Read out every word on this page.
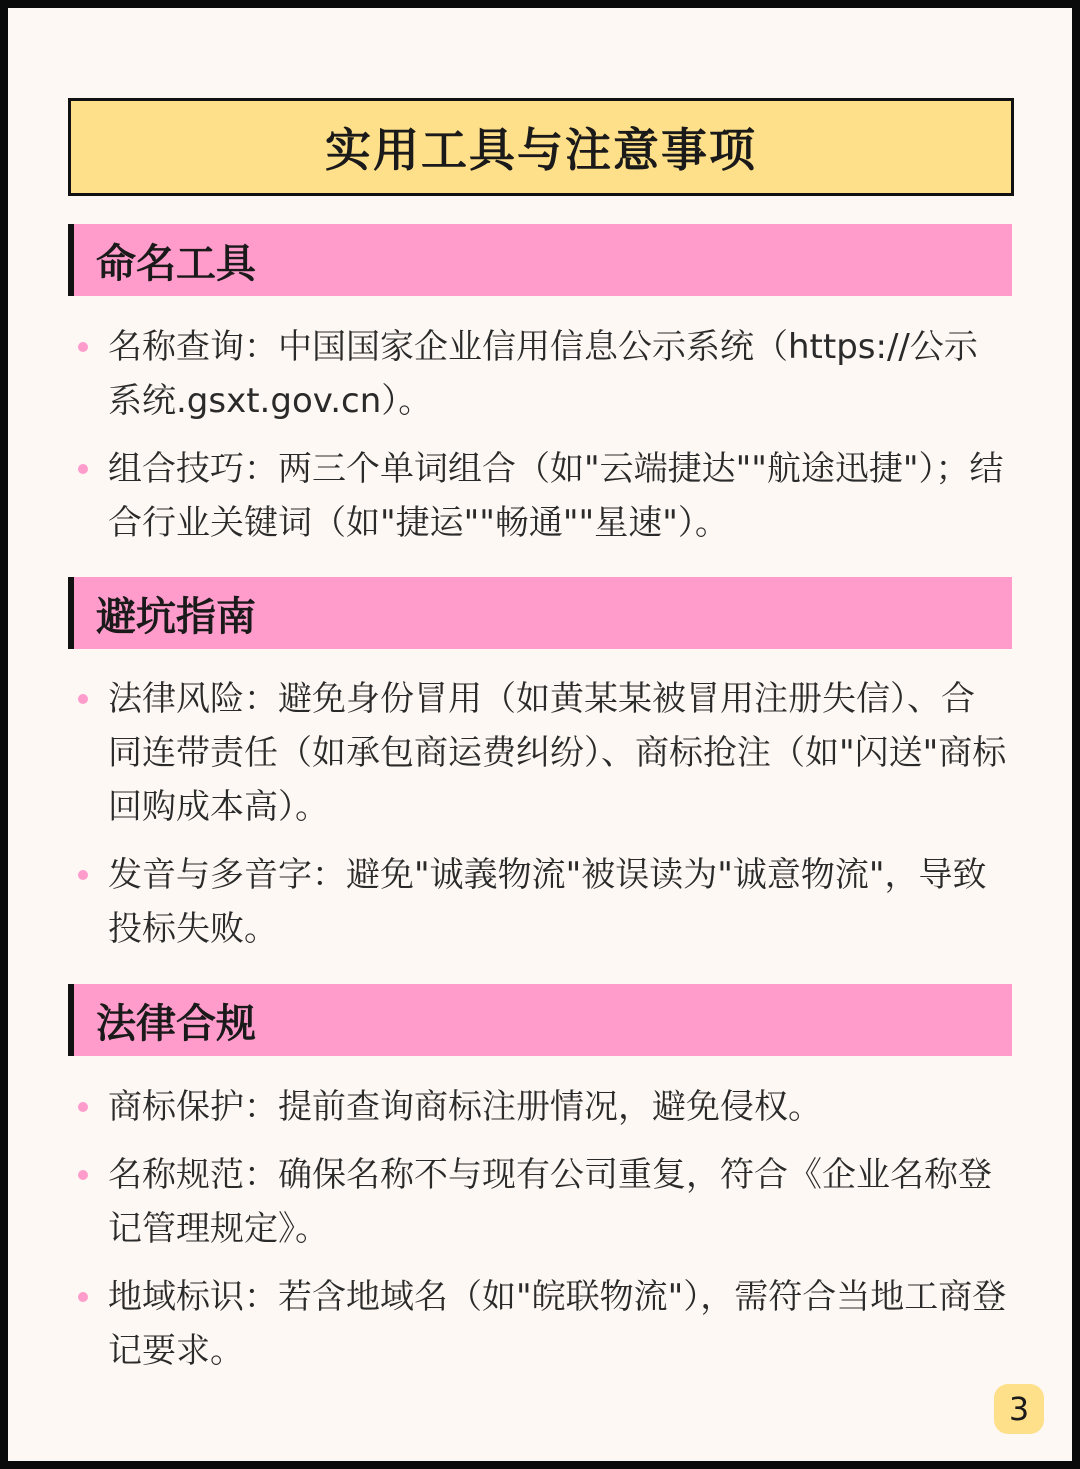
实用工具与注意事项
命名工具
名称查询：中国国家企业信用信息公示系统（https://公示系统.gsxt.gov.cn）。
组合技巧：两三个单词组合（如"云端捷达""航途迅捷"）；结合行业关键词（如"捷运""畅通""星速"）。
避坑指南
法律风险：避免身份冒用（如黄某某被冒用注册失信）、合同连带责任（如承包商运费纠纷）、商标抢注（如"闪送"商标回购成本高）。
发音与多音字：避免"诚義物流"被误读为"诚意物流"，导致投标失败。
法律合规
商标保护：提前查询商标注册情况，避免侵权。
名称规范：确保名称不与现有公司重复，符合《企业名称登记管理规定》。
地域标识：若含地域名（如"皖联物流"），需符合当地工商登记要求。
3
